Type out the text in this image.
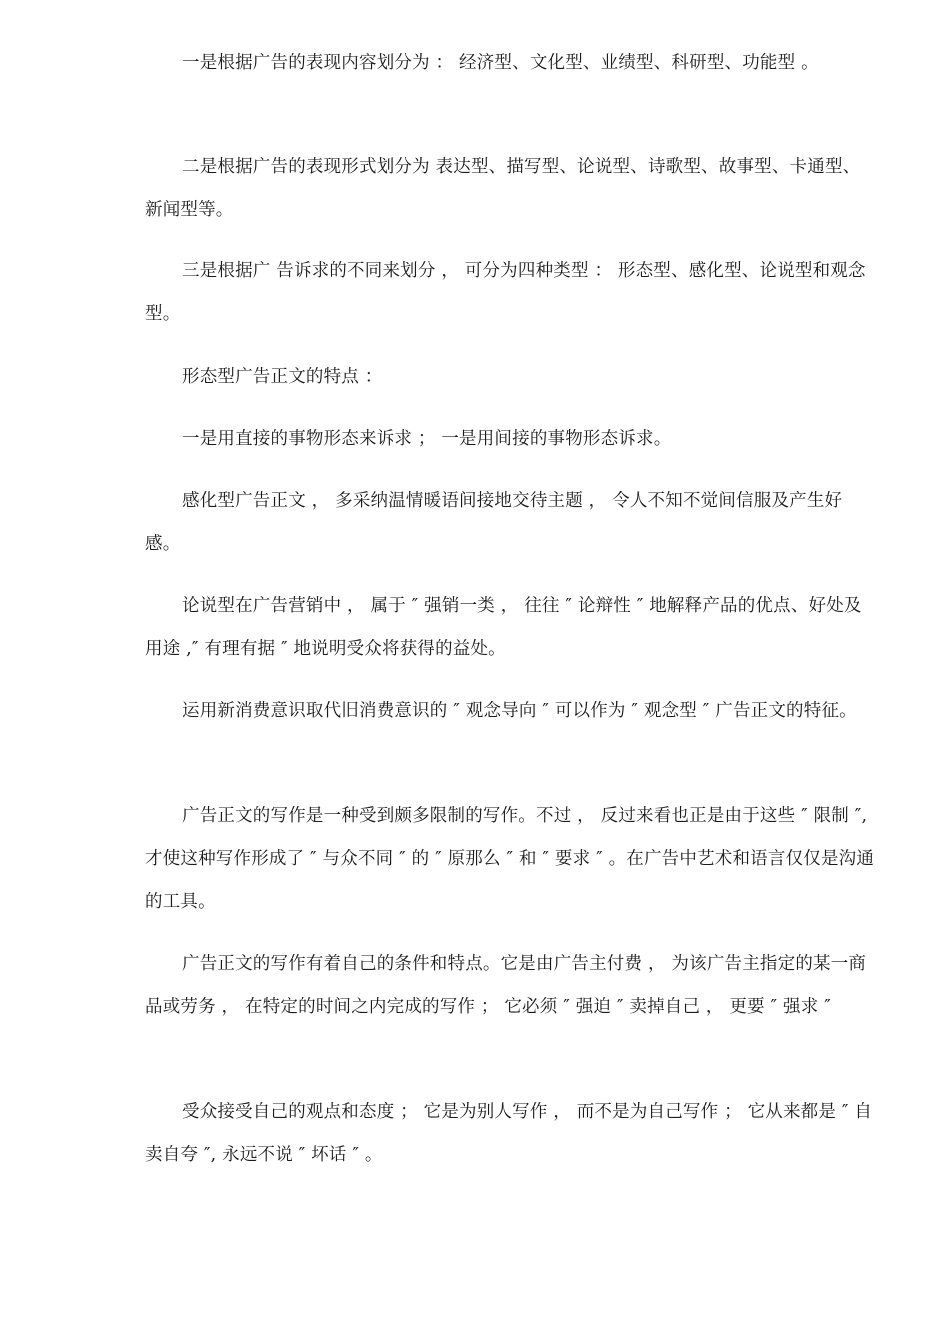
一是根据广告的表现内容划分为 ： 经济型、文化型、业绩型、科研型、功能型 。

二是根据广告的表现形式划分为 表达型、描写型、论说型、诗歌型、故事型、卡通型、新闻型等。

三是根据广 告诉求的不同来划分 ， 可分为四种类型 ： 形态型、感化型、论说型和观念型。

形态型广告正文的特点 ：

一是用直接的事物形态来诉求 ； 一是用间接的事物形态诉求。

感化型广告正文 ， 多采纳温情暖语间接地交待主题 ， 令人不知不觉间信服及产生好感。

论说型在广告营销中 ， 属于 ″ 强销一类 ， 往往 ″ 论辩性 ″ 地解释产品的优点、好处及用途 ,″ 有理有据 ″ 地说明受众将获得的益处。

运用新消费意识取代旧消费意识的 ″ 观念导向 ″ 可以作为 ″ 观念型 ″ 广告正文的特征。

广告正文的写作是一种受到颇多限制的写作。不过 ， 反过来看也正是由于这些 ″ 限制 ″, 才使这种写作形成了 ″ 与众不同 ″ 的 ″ 原那么 ″ 和 ″ 要求 ″ 。在广告中艺术和语言仅仅是沟通的工具。

广告正文的写作有着自己的条件和特点。它是由广告主付费 ， 为该广告主指定的某一商品或劳务 ， 在特定的时间之内完成的写作 ； 它必须 ″ 强迫 ″ 卖掉自己 ， 更要 ″ 强求 ″

受众接受自己的观点和态度 ； 它是为别人写作 ， 而不是为自己写作 ； 它从来都是 ″ 自卖自夸 ″, 永远不说 ″ 坏话 ″ 。
